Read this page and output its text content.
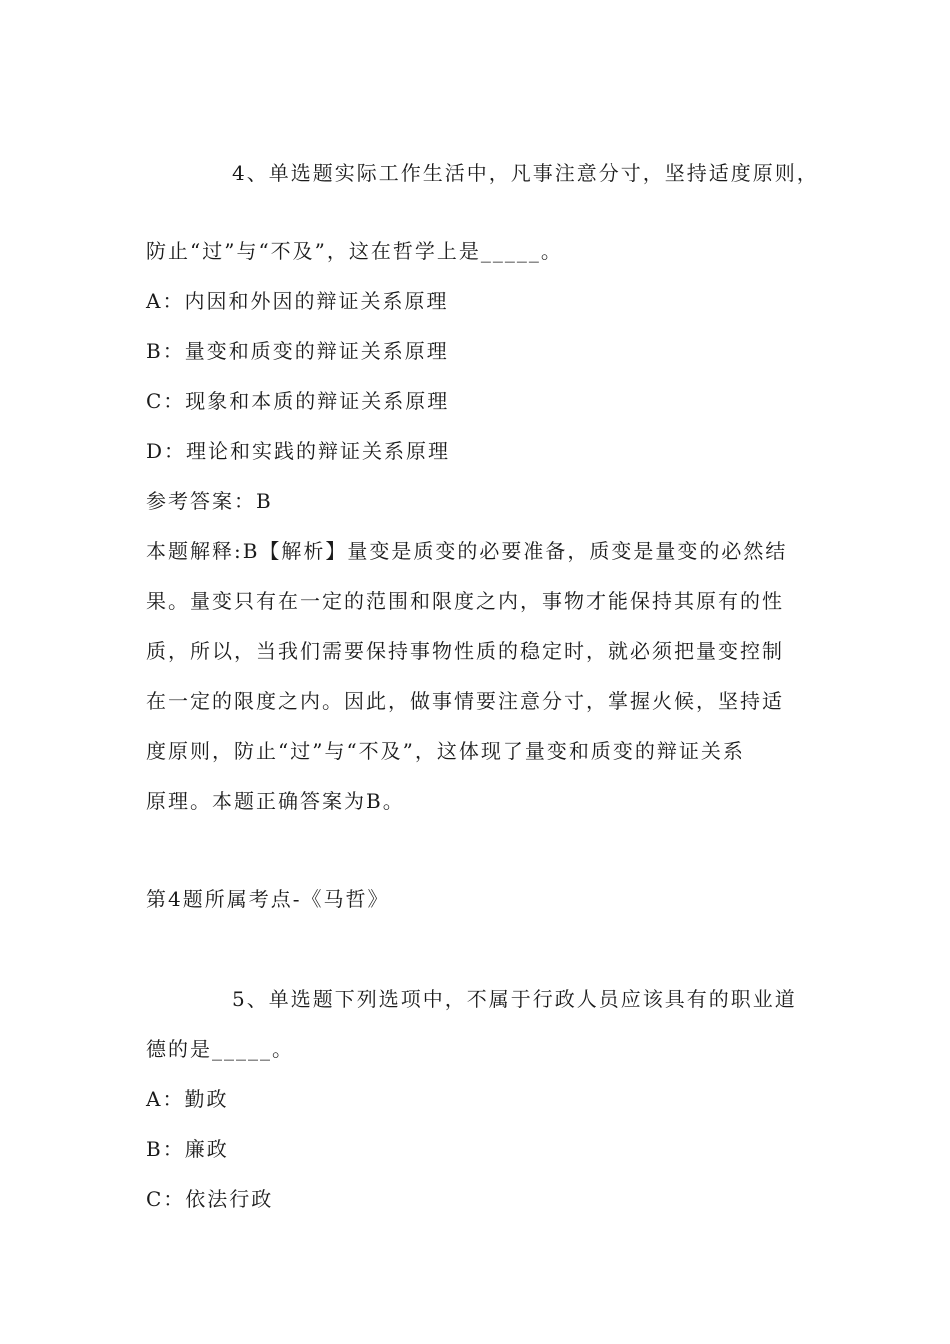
4、单选题实际工作生活中，凡事注意分寸，坚持适度原则，
防止“过”与“不及”，这在哲学上是_____。
A：内因和外因的辩证关系原理
B：量变和质变的辩证关系原理
C：现象和本质的辩证关系原理
D：理论和实践的辩证关系原理
参考答案：B
本题解释:B【解析】量变是质变的必要准备，质变是量变的必然结
果。量变只有在一定的范围和限度之内，事物才能保持其原有的性
质，所以，当我们需要保持事物性质的稳定时，就必须把量变控制
在一定的限度之内。因此，做事情要注意分寸，掌握火候，坚持适
度原则，防止“过”与“不及”，这体现了量变和质变的辩证关系
原理。本题正确答案为B。
第4题所属考点-《马哲》
5、单选题下列选项中，不属于行政人员应该具有的职业道
德的是_____。
A：勤政
B：廉政
C：依法行政
